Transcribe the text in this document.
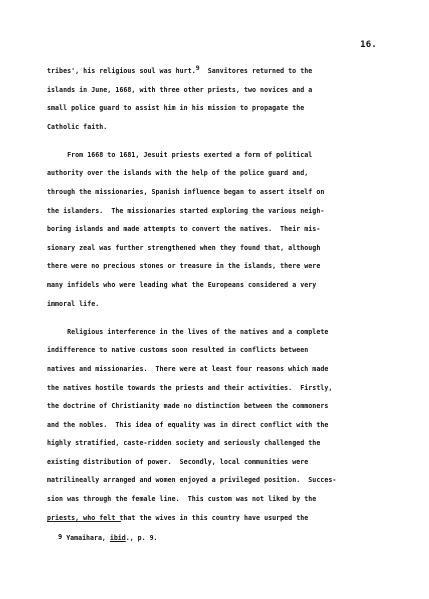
16.
tribes', his religious soul was hurt.9  Sanvitores returned to the
islands in June, 1668, with three other priests, two novices and a
small police guard to assist him in his mission to propagate the
Catholic faith.
From 1668 to 1681, Jesuit priests exerted a form of political
authority over the islands with the help of the police guard and,
through the missionaries, Spanish influence began to assert itself on
the islanders.  The missionaries started exploring the various neigh-
boring islands and made attempts to convert the natives.  Their mis-
sionary zeal was further strengthened when they found that, although
there were no precious stones or treasure in the islands, there were
many infidels who were leading what the Europeans considered a very
immoral life.
Religious interference in the lives of the natives and a complete
indifference to native customs soon resulted in conflicts between
natives and missionaries.  There were at least four reasons which made
the natives hostile towards the priests and their activities.  Firstly,
the doctrine of Christianity made no distinction between the commoners
and the nobles.  This idea of equality was in direct conflict with the
highly stratified, caste-ridden society and seriously challenged the
existing distribution of power.  Secondly, local communities were
matrilineally arranged and women enjoyed a privileged position.  Succes-
sion was through the female line.  This custom was not liked by the
priests, who felt that the wives in this country have usurped the
9 Yamaihara, ibid., p. 9.
